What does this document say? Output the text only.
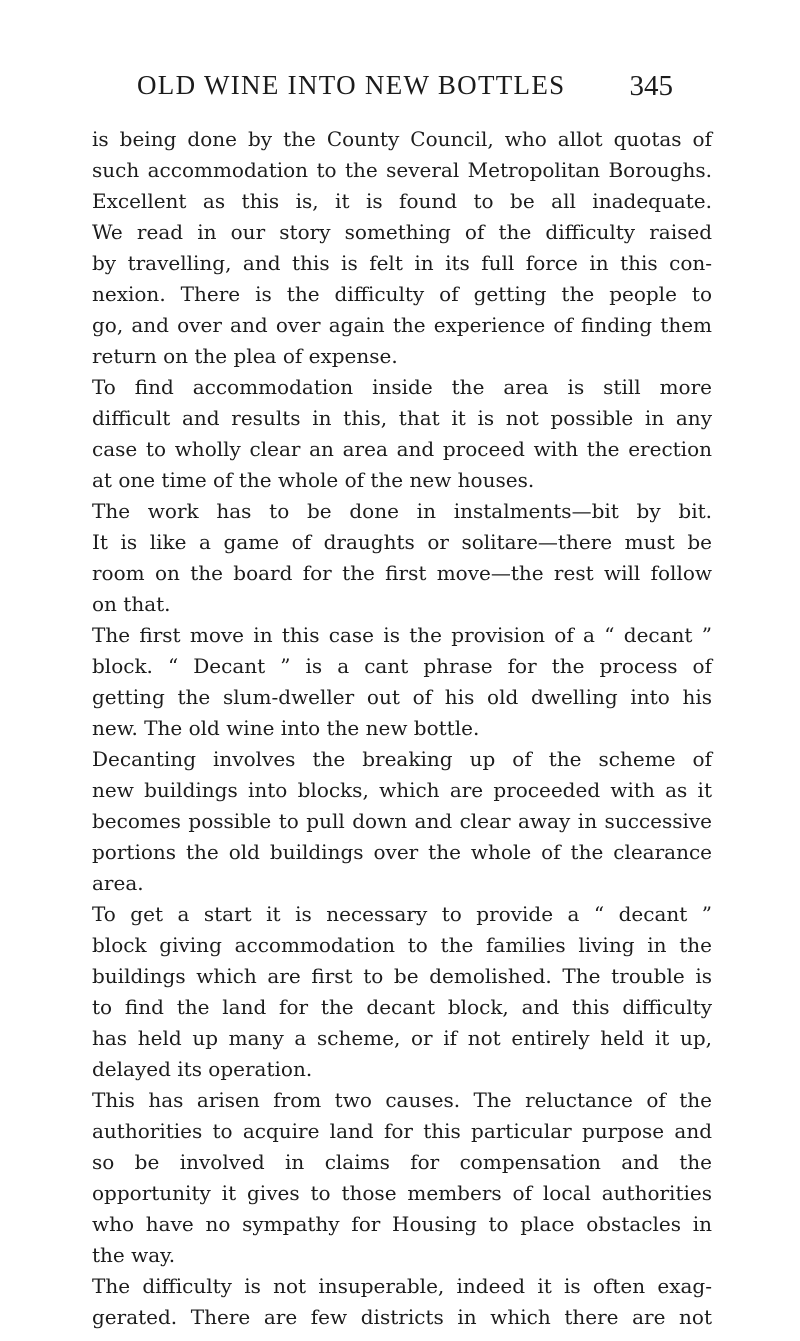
OLD WINE INTO NEW BOTTLES 345
is being done by the County Council, who allot quotas of
such accommodation to the several Metropolitan Boroughs.
Excellent as this is, it is found to be all inadequate.
We read in our story something of the difficulty raised
by travelling, and this is felt in its full force in this con-
nexion. There is the difficulty of getting the people to
go, and over and over again the experience of finding them
return on the plea of expense.
To find accommodation inside the area is still more
difficult and results in this, that it is not possible in any
case to wholly clear an area and proceed with the erection
at one time of the whole of the new houses.
The work has to be done in instalments—bit by bit.
It is like a game of draughts or solitare—there must be
room on the board for the first move—the rest will follow
on that.
The first move in this case is the provision of a “ decant ”
block. “ Decant ” is a cant phrase for the process of
getting the slum-dweller out of his old dwelling into his
new. The old wine into the new bottle.
Decanting involves the breaking up of the scheme of
new buildings into blocks, which are proceeded with as it
becomes possible to pull down and clear away in successive
portions the old buildings over the whole of the clearance
area.
To get a start it is necessary to provide a “ decant ”
block giving accommodation to the families living in the
buildings which are first to be demolished. The trouble is
to find the land for the decant block, and this difficulty
has held up many a scheme, or if not entirely held it up,
delayed its operation.
This has arisen from two causes. The reluctance of the
authorities to acquire land for this particular purpose and
so be involved in claims for compensation and the
opportunity it gives to those members of local authorities
who have no sympathy for Housing to place obstacles in
the way.
The difficulty is not insuperable, indeed it is often exag-
gerated. There are few districts in which there are not
